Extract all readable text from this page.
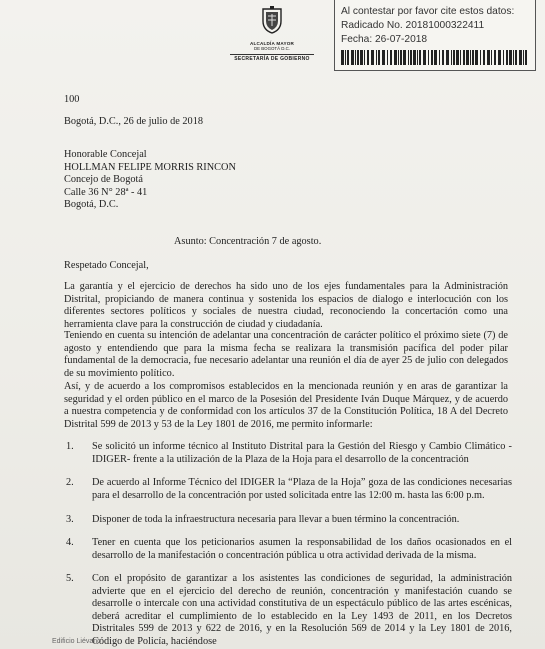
ALCALDÍA MAYOR
DE BOGOTÁ D.C.
SECRETARÍA DE GOBIERNO
Al contestar por favor cite estos datos:
Radicado No. 20181000322411
Fecha: 26-07-2018
100
Bogotá, D.C., 26 de julio de 2018
Honorable Concejal
HOLLMAN FELIPE MORRIS RINCON
Concejo de Bogotá
Calle 36 N° 28ª - 41
Bogotá, D.C.
Asunto: Concentración 7 de agosto.
Respetado Concejal,
La garantía y el ejercicio de derechos ha sido uno de los ejes fundamentales para la Administración Distrital, propiciando de manera continua y sostenida los espacios de dialogo e interlocución con los diferentes sectores políticos y sociales de nuestra ciudad, reconociendo la concertación como una herramienta clave para la construcción de ciudad y ciudadanía.
Teniendo en cuenta su intención de adelantar una concentración de carácter político el próximo siete (7) de agosto y entendiendo que para la misma fecha se realizara la transmisión pacífica del poder pilar fundamental de la democracia, fue necesario adelantar una reunión el día de ayer 25 de julio con delegados de su movimiento político.
Así, y de acuerdo a los compromisos establecidos en la mencionada reunión y en aras de garantizar la seguridad y el orden público en el marco de la Posesión del Presidente Iván Duque Márquez, y de acuerdo a nuestra competencia y de conformidad con los artículos 37 de la Constitución Política, 18 A del Decreto Distrital 599 de 2013 y 53 de la Ley 1801 de 2016, me permito informarle:
1.	Se solicitó un informe técnico al Instituto Distrital para la Gestión del Riesgo y Cambio Climático - IDIGER- frente a la utilización de la Plaza de la Hoja para el desarrollo de la concentración
2.	De acuerdo al Informe Técnico del IDIGER la “Plaza de la Hoja” goza de las condiciones necesarias para el desarrollo de la concentración por usted solicitada entre las 12:00 m. hasta las 6:00 p.m.
3.	Disponer de toda la infraestructura necesaria para llevar a buen término la concentración.
4.	Tener en cuenta que los peticionarios asumen la responsabilidad de los daños ocasionados en el desarrollo de la manifestación o concentración pública u otra actividad derivada de la misma.
5.	Con el propósito de garantizar a los asistentes las condiciones de seguridad, la administración advierte que en el ejercicio del derecho de reunión, concentración y manifestación cuando se desarrolle o intercale con una actividad constitutiva de un espectáculo público de las artes escénicas, deberá acreditar el cumplimiento de lo establecido en la Ley 1493 de 2011, en los Decretos Distritales 599 de 2013 y 622 de 2016, y en la Resolución 569 de 2014 y la Ley 1801 de 2016, Código de Policía, haciéndose
Edificio Liévano
